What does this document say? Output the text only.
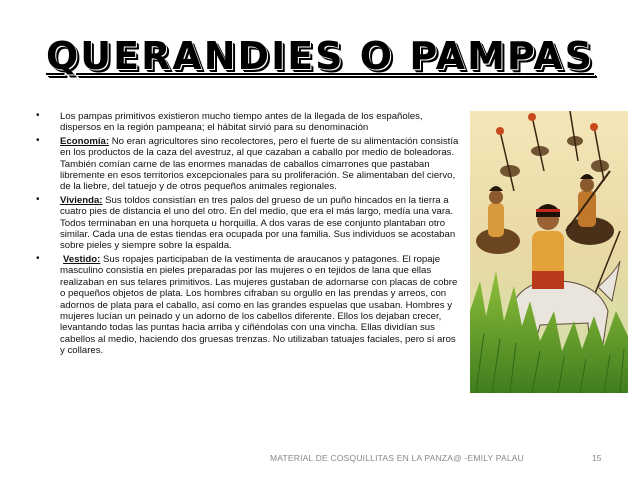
QUERANDIES O PAMPAS
• Los pampas primitivos existieron mucho tiempo antes de la llegada de los españoles, dispersos en la región pampeana; el hábitat sirvió para su denominación
• Economía: No eran agricultores sino recolectores, pero el fuerte de su alimentación consistía en los productos de la caza del avestruz, al que cazaban a caballo por medio de boleadoras. También comían carne de las enormes manadas de caballos cimarrones que pastaban libremente en esos territorios excepcionales para su proliferación. Se alimentaban del ciervo, de la liebre, del tatuejo y de otros pequeños animales regionales.
• Vivienda: Sus toldos consistían en tres palos del grueso de un puño hincados en la tierra a cuatro pies de distancia el uno del otro. En del medio, que era el más largo, medía una vara. Todos terminaban en una horqueta u horquilla. A dos varas de ese conjunto plantaban otro similar. Cada una de estas tiendas era ocupada por una familia. Sus individuos se acostaban sobre pieles y siempre sobre la espalda.
• Vestido: Sus ropajes participaban de la vestimenta de araucanos y patagones. El ropaje masculino consistía en pieles preparadas por las mujeres o en tejidos de lana que ellas realizaban en sus telares primitivos. Las mujeres gustaban de adornarse con placas de cobre o pequeños objetos de plata. Los hombres cifraban su orgullo en las prendas y arreos, con adornos de plata para el caballo, así como en las grandes espuelas que usaban. Hombres y mujeres lucían un peinado y un adorno de los cabellos diferente. Ellos los dejaban crecer, levantando todas las puntas hacia arriba y ciñéndolas con una vincha. Ellas dividían sus cabellos al medio, haciendo dos gruesas trenzas. No utilizaban tatuajes faciales, pero sí aros y collares.
MATERIAL DE COSQUILLITAS EN LA PANZA@ -EMILY PALAU	15
